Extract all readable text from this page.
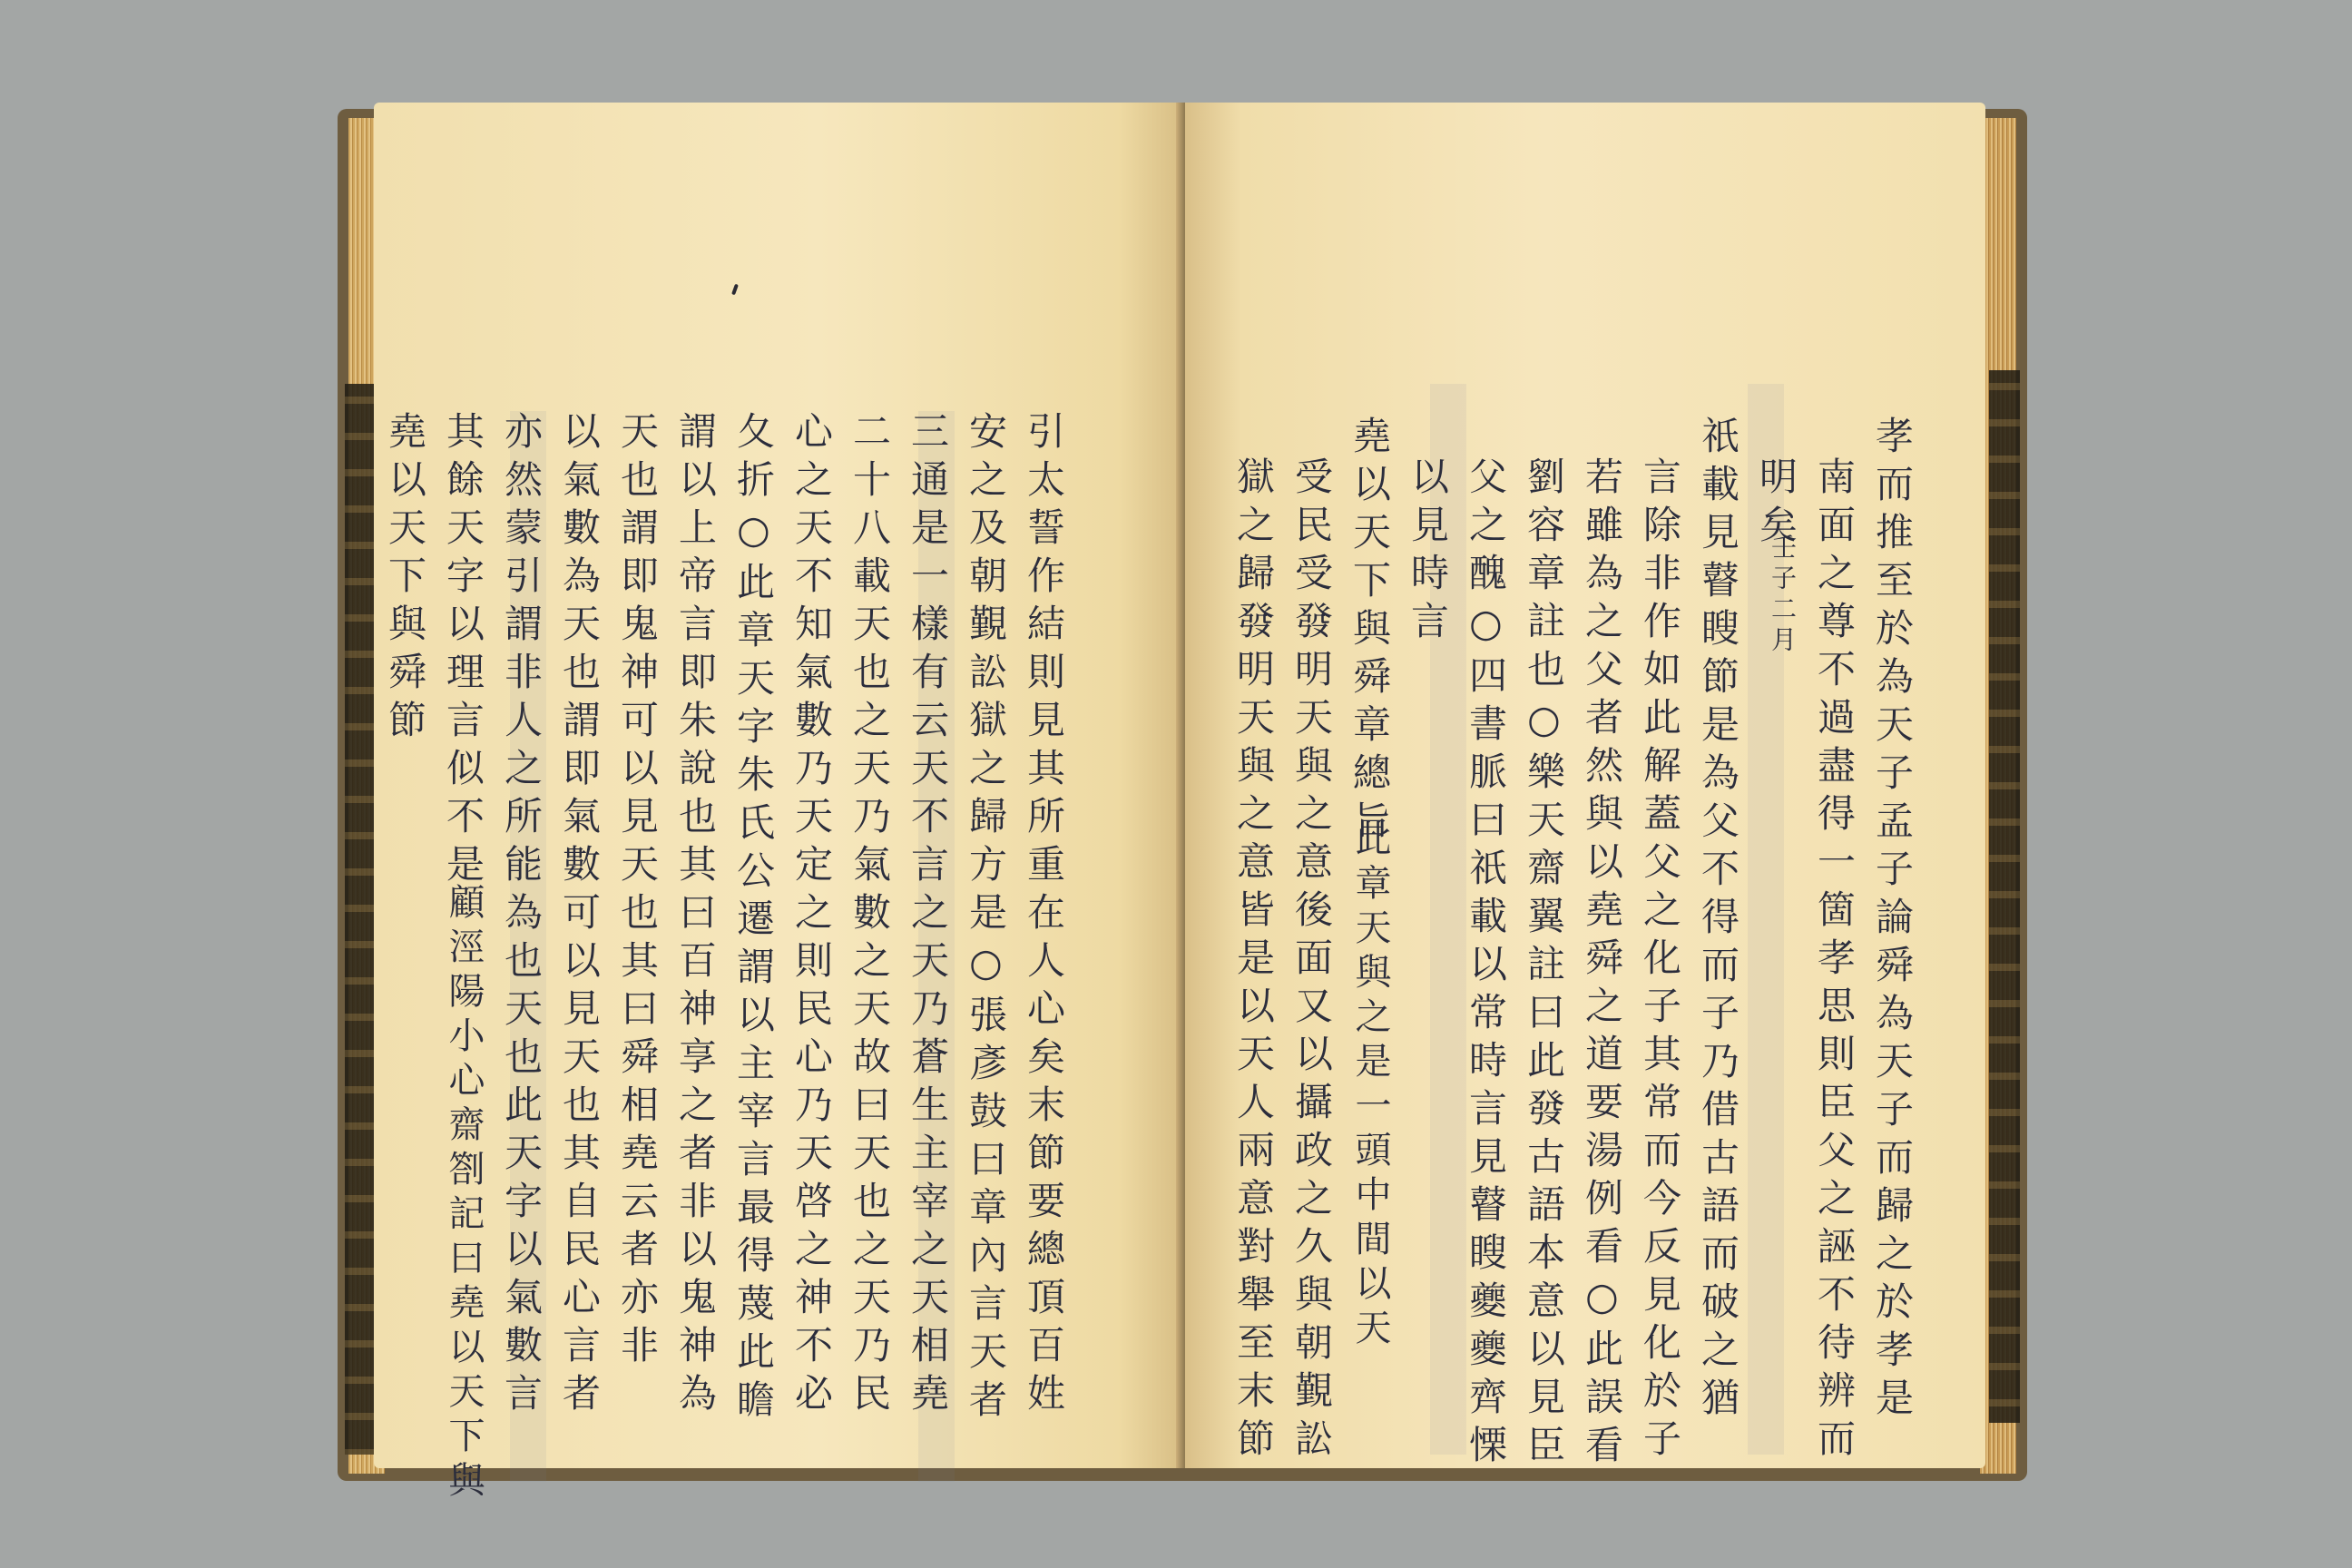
堯以天下與舜節 其餘天字以理言似不是 亦然蒙引謂非人之所能為也天也此天字以氣數言 以氣數為天也謂即氣數可以見天也其自民心言者 天也謂即鬼神可以見天也其曰舜相堯云者亦非 謂以上帝言即朱說也其曰百神享之者非以鬼神為 夂折○此章天字朱氏公遷謂以主宰言最得蔑此瞻 心之天不知氣數乃天定之則民心乃天啓之神不必 二十八載天也之天乃氣數之天故曰天也之天乃民 三通是一樣有云天不言之天乃蒼生主宰之天相堯 安之及朝覲訟獄之歸方是○張彥鼓曰章內言天者 引太誓作結則見其所重在人心矣末節要總頂百姓
顧涇陽小心齋劄記曰堯以天下與	孝而推至於為天子孟子論舜為天子而歸之於孝是
南面之尊不過盡得一箇孝思則臣父之誣不待辨而
明矣
祇載見瞽瞍節是為父不得而子乃借古語而破之猶
言除非作如此解蓋父之化子其常而今反見化於子
若雖為之父者然與以堯舜之道要湯例看○此誤看
劉容章註也○樂天齋翼註曰此發古語本意以見臣
父之醜○四書脈曰祇載以常時言見瞽瞍夔夔齊慄
以見時言
堯以天下與舜章總旨
受民受發明天與之意後面又以攝政之久與朝覲訟
獄之歸發明天與之意皆是以天人兩意對舉至末節	壬子二月
此章天與之是一頭中間以天
